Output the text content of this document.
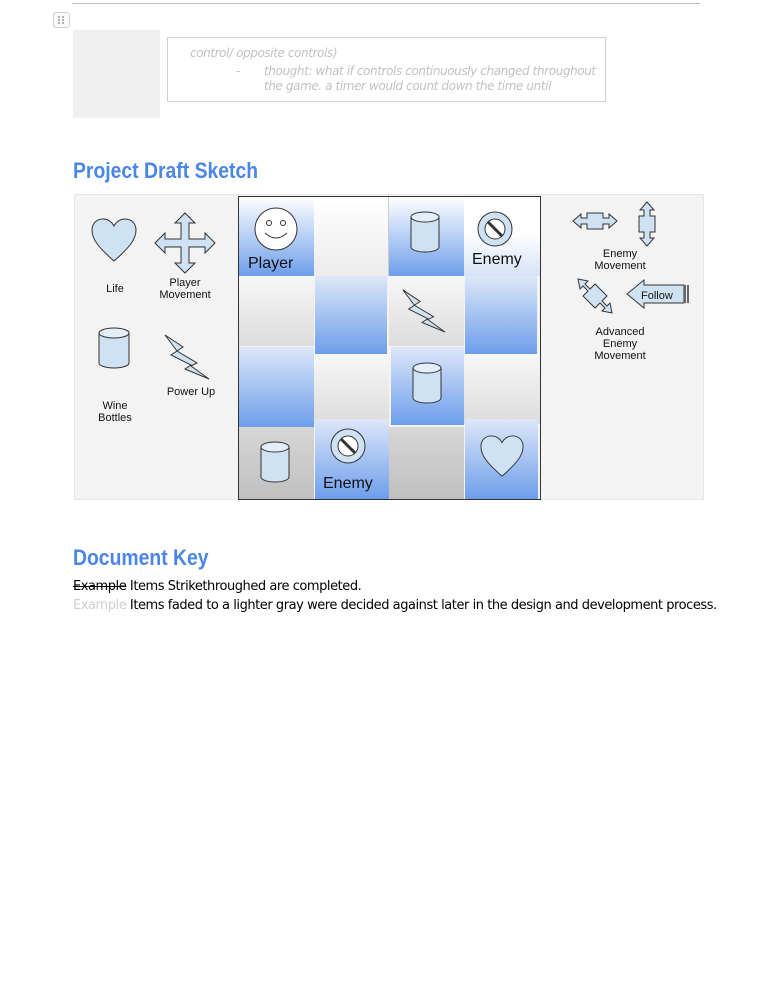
control/ opposite controls)
- thought: what if controls continuously changed throughout
the game. a timer would count down the time until
Project Draft Sketch
Life	Player
Movement
Wine
Bottles
Power Up
Player	Enemy
Enemy
Enemy
Movement
Follow
Advanced
Enemy
Movement
Document Key
Example Items Strikethroughed are completed.
Example Items faded to a lighter gray were decided against later in the design and development process.
